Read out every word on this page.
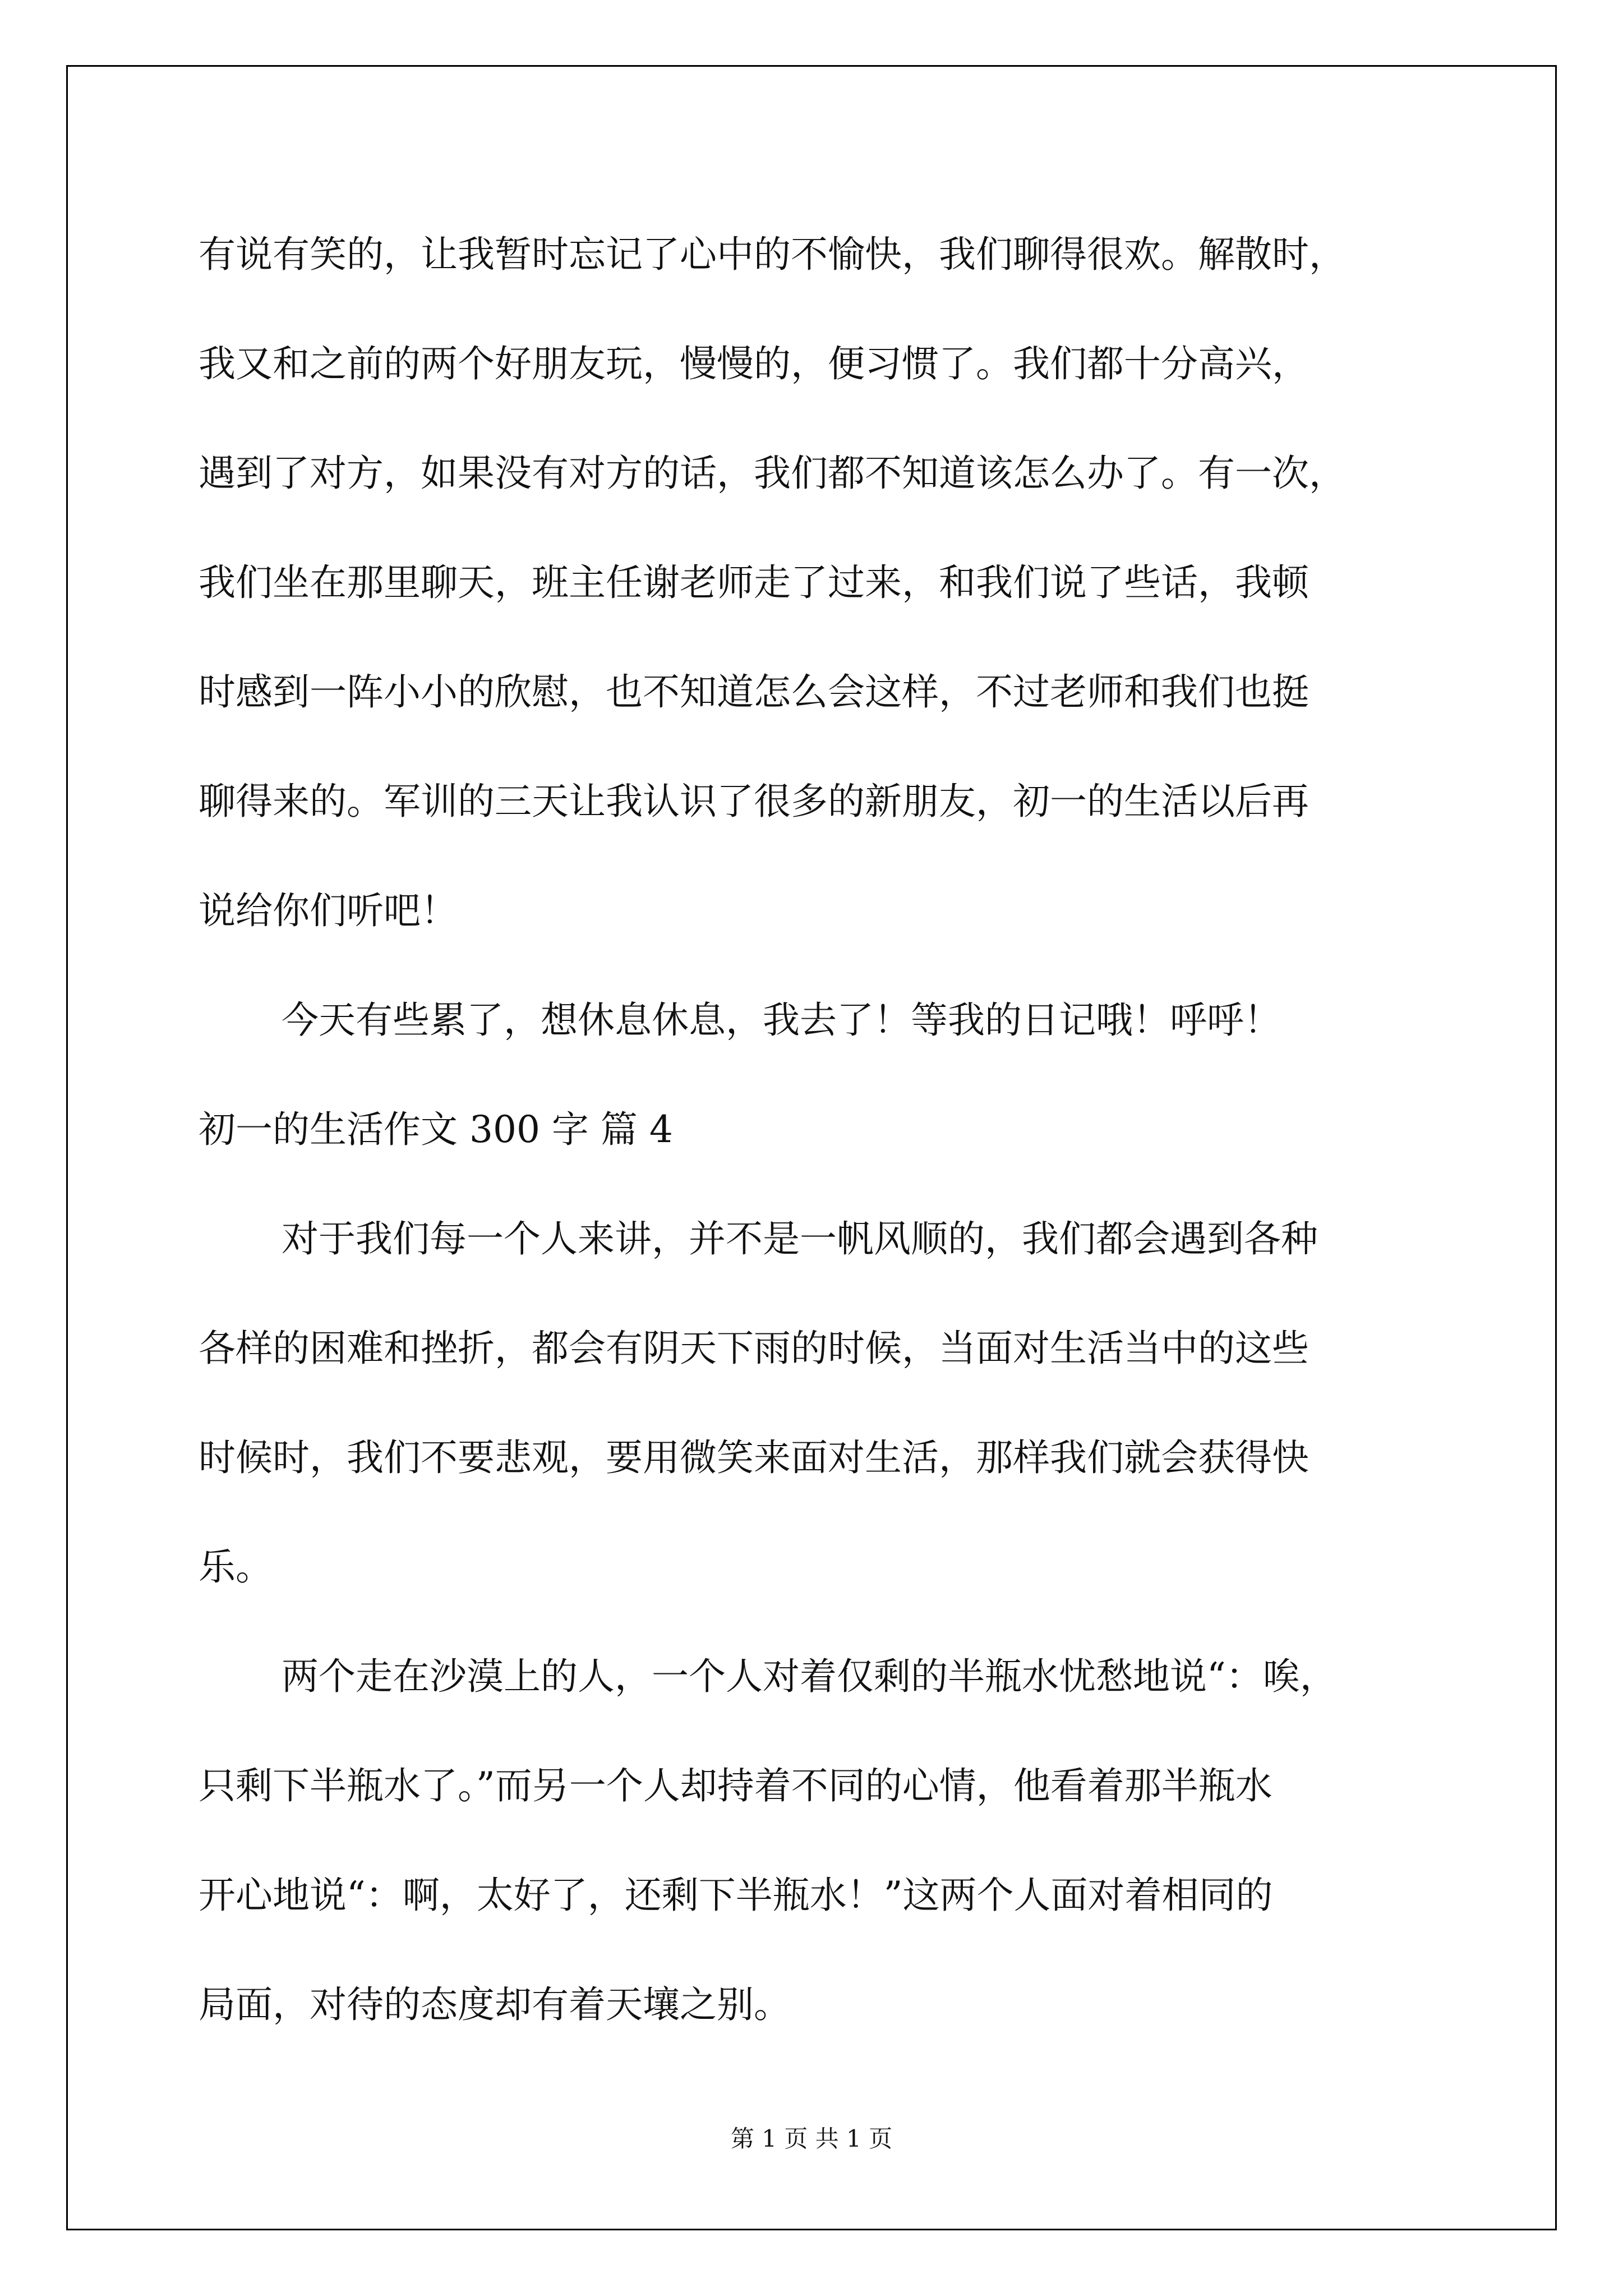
有说有笑的，让我暂时忘记了心中的不愉快，我们聊得很欢。解散时，
我又和之前的两个好朋友玩，慢慢的，便习惯了。我们都十分高兴，
遇到了对方，如果没有对方的话，我们都不知道该怎么办了。有一次，
我们坐在那里聊天，班主任谢老师走了过来，和我们说了些话，我顿
时感到一阵小小的欣慰，也不知道怎么会这样，不过老师和我们也挺
聊得来的。军训的三天让我认识了很多的新朋友，初一的生活以后再
说给你们听吧！
今天有些累了，想休息休息，我去了！等我的日记哦！呼呼！
初一的生活作文 300 字 篇 4
对于我们每一个人来讲，并不是一帆风顺的，我们都会遇到各种
各样的困难和挫折，都会有阴天下雨的时候，当面对生活当中的这些
时候时，我们不要悲观，要用微笑来面对生活，那样我们就会获得快
乐。
两个走在沙漠上的人，一个人对着仅剩的半瓶水忧愁地说“：唉，
只剩下半瓶水了。”而另一个人却持着不同的心情，他看着那半瓶水
开心地说“：啊，太好了，还剩下半瓶水！”这两个人面对着相同的
局面，对待的态度却有着天壤之别。
第 1 页 共 1 页
